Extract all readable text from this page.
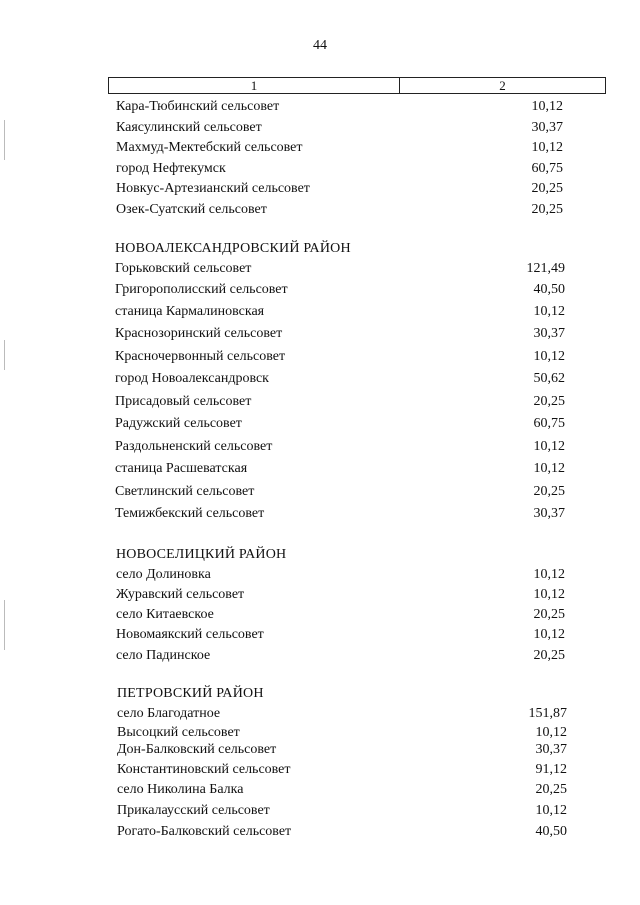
44
1	2
Кара-Тюбинский сельсовет	10,12
Каясулинский сельсовет	30,37
Махмуд-Мектебский сельсовет	10,12
город Нефтекумск	60,75
Новкус-Артезианский сельсовет	20,25
Озек-Суатский сельсовет	20,25
НОВОАЛЕКСАНДРОВСКИЙ РАЙОН
Горьковский сельсовет	121,49
Григорополисский сельсовет	40,50
станица Кармалиновская	10,12
Краснозоринский сельсовет	30,37
Красночервонный сельсовет	10,12
город Новоалександровск	50,62
Присадовый сельсовет	20,25
Радужский сельсовет	60,75
Раздольненский сельсовет	10,12
станица Расшеватская	10,12
Светлинский сельсовет	20,25
Темижбекский сельсовет	30,37
НОВОСЕЛИЦКИЙ РАЙОН
село Долиновка	10,12
Журавский сельсовет	10,12
село Китаевское	20,25
Новомаякский сельсовет	10,12
село Падинское	20,25
ПЕТРОВСКИЙ РАЙОН
село Благодатное	151,87
Высоцкий сельсовет	10,12
Дон-Балковский сельсовет	30,37
Константиновский сельсовет	91,12
село Николина Балка	20,25
Прикалаусский сельсовет	10,12
Рогато-Балковский сельсовет	40,50
